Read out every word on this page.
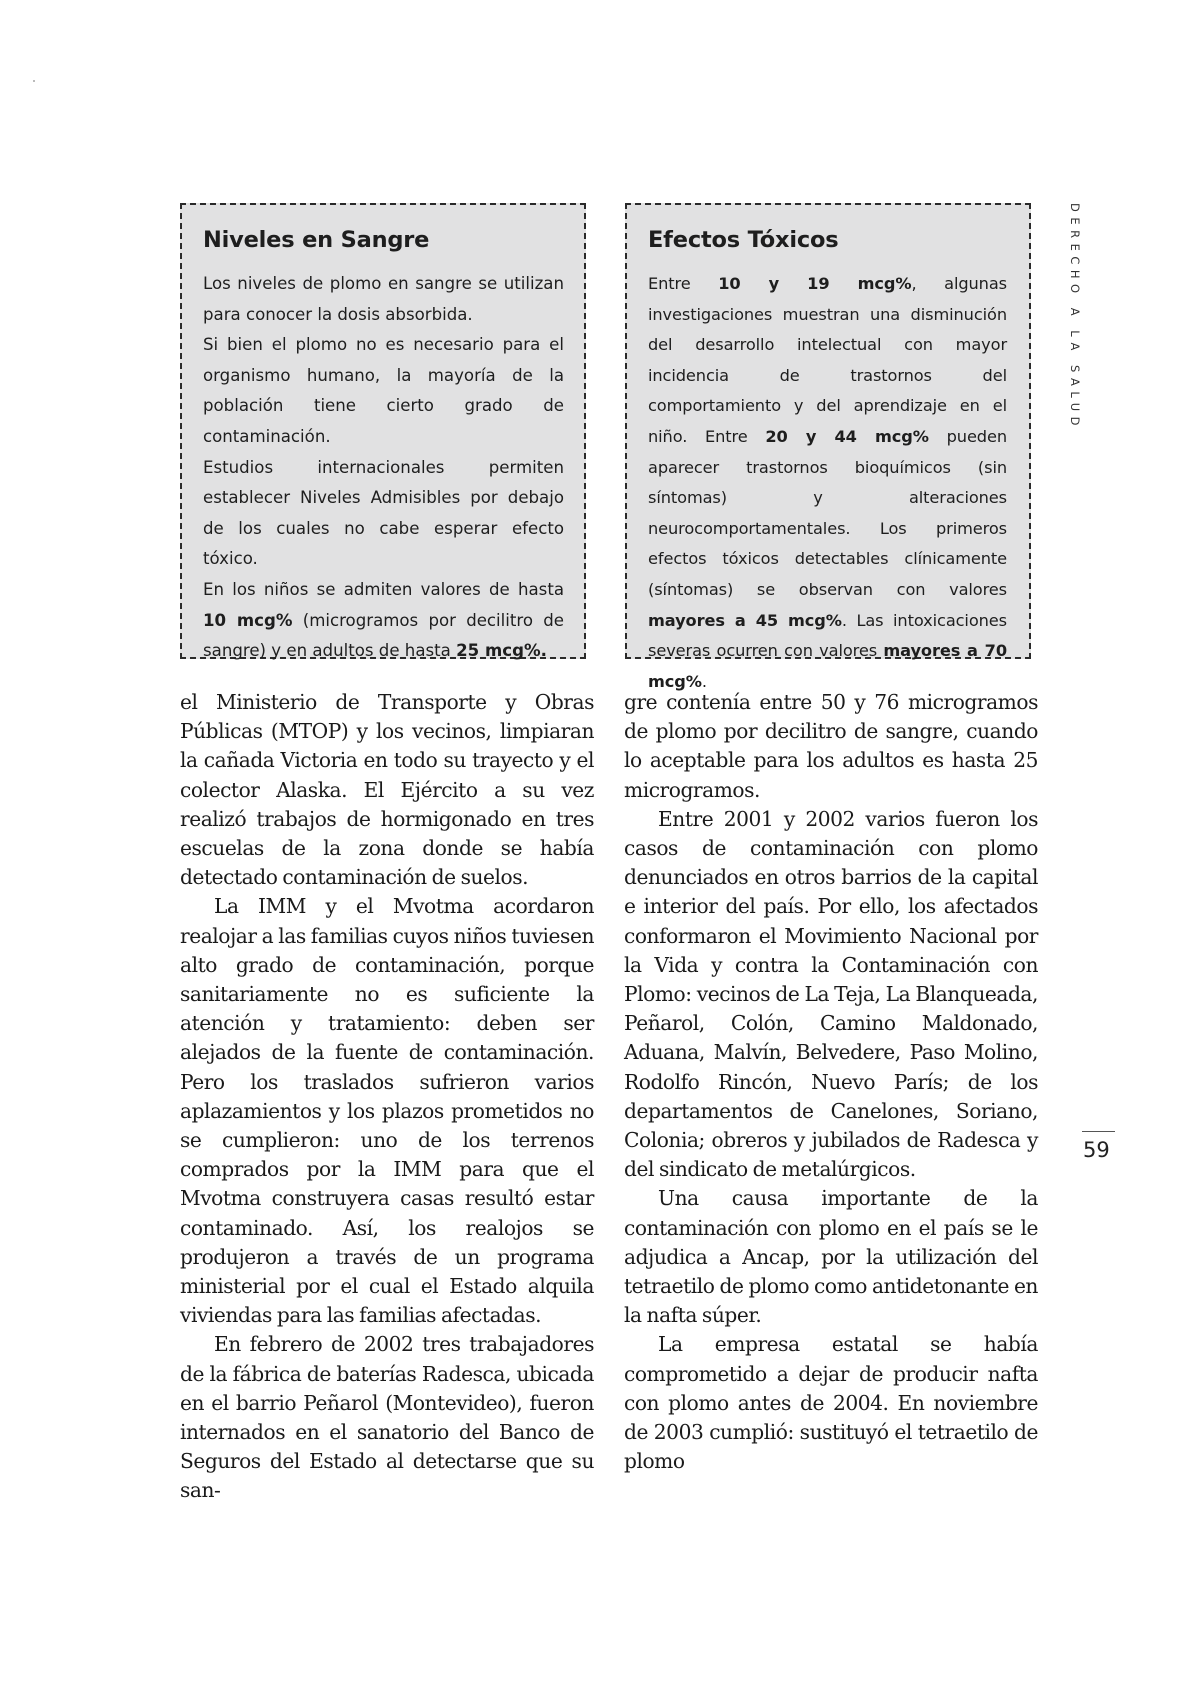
Niveles en Sangre

Los niveles de plomo en sangre se utilizan para conocer la dosis absorbida.
Si bien el plomo no es necesario para el organismo humano, la mayoría de la población tiene cierto grado de contaminación.
Estudios internacionales permiten establecer Niveles Admisibles por debajo de los cuales no cabe esperar efecto tóxico.
En los niños se admiten valores de hasta 10 mcg% (microgramos por decilitro de sangre) y en adultos de hasta 25 mcg%.

Efectos Tóxicos

Entre 10 y 19 mcg%, algunas investigaciones muestran una disminución del desarrollo intelectual con mayor incidencia de trastornos del comportamiento y del aprendizaje en el niño. Entre 20 y 44 mcg% pueden aparecer trastornos bioquímicos (sin síntomas) y alteraciones neurocomportamentales. Los primeros efectos tóxicos detectables clínicamente (síntomas) se observan con valores mayores a 45 mcg%. Las intoxicaciones severas ocurren con valores mayores a 70 mcg%.

el Ministerio de Transporte y Obras Públicas (MTOP) y los vecinos, limpiaran la cañada Victoria en todo su trayecto y el colector Alaska. El Ejército a su vez realizó trabajos de hormigonado en tres escuelas de la zona donde se había detectado contaminación de suelos.

La IMM y el Mvotma acordaron realojar a las familias cuyos niños tuviesen alto grado de contaminación, porque sanitariamente no es suficiente la atención y tratamiento: deben ser alejados de la fuente de contaminación. Pero los traslados sufrieron varios aplazamientos y los plazos prometidos no se cumplieron: uno de los terrenos comprados por la IMM para que el Mvotma construyera casas resultó estar contaminado. Así, los realojos se produjeron a través de un programa ministerial por el cual el Estado alquila viviendas para las familias afectadas.

En febrero de 2002 tres trabajadores de la fábrica de baterías Radesca, ubicada en el barrio Peñarol (Montevideo), fueron internados en el sanatorio del Banco de Seguros del Estado al detectarse que su san-

gre contenía entre 50 y 76 microgramos de plomo por decilitro de sangre, cuando lo aceptable para los adultos es hasta 25 microgramos.

Entre 2001 y 2002 varios fueron los casos de contaminación con plomo denunciados en otros barrios de la capital e interior del país. Por ello, los afectados conformaron el Movimiento Nacional por la Vida y contra la Contaminación con Plomo: vecinos de La Teja, La Blanqueada, Peñarol, Colón, Camino Maldonado, Aduana, Malvín, Belvedere, Paso Molino, Rodolfo Rincón, Nuevo París; de los departamentos de Canelones, Soriano, Colonia; obreros y jubilados de Radesca y del sindicato de metalúrgicos.

Una causa importante de la contaminación con plomo en el país se le adjudica a Ancap, por la utilización del tetraetilo de plomo como antidetonante en la nafta súper.

La empresa estatal se había comprometido a dejar de producir nafta con plomo antes de 2004. En noviembre de 2003 cumplió: sustituyó el tetraetilo de plomo

DERECHO A LA SALUD
59
